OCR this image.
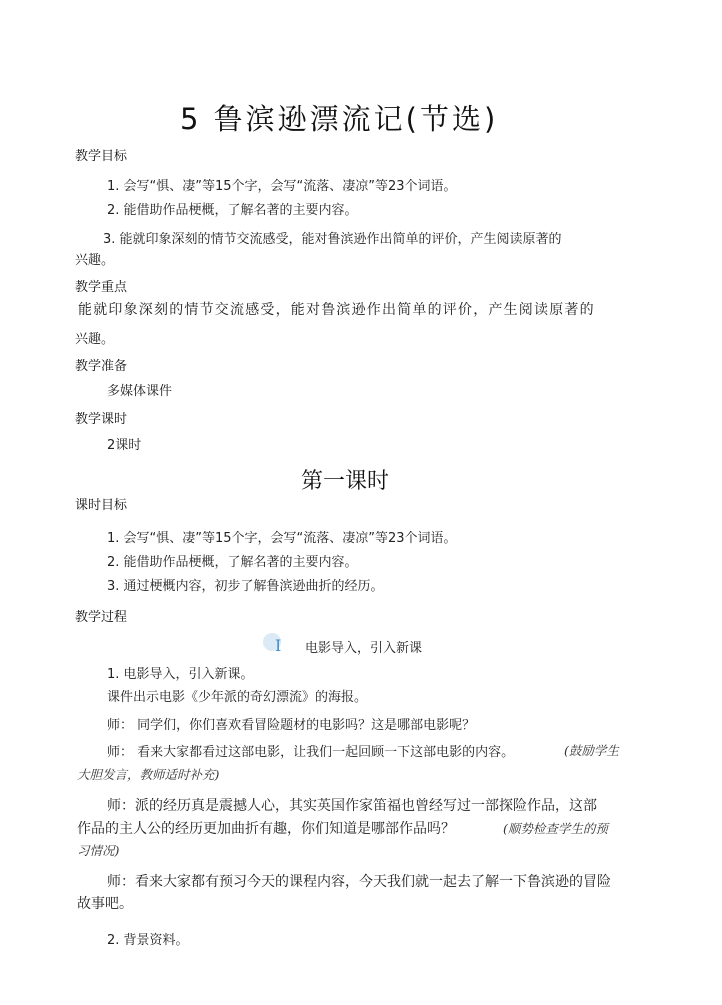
5 鲁滨逊漂流记(节选)
教学目标
1. 会写“惧、凄”等15个字，会写“流落、凄凉”等23个词语。
2. 能借助作品梗概，了解名著的主要内容。
3. 能就印象深刻的情节交流感受，能对鲁滨逊作出简单的评价，产生阅读原著的
兴趣。
教学重点
能就印象深刻的情节交流感受，能对鲁滨逊作出简单的评价，产生阅读原著的
兴趣。
教学准备
多媒体课件
教学课时
2课时
第一课时
课时目标
1. 会写“惧、凄”等15个字，会写“流落、凄凉”等23个词语。
2. 能借助作品梗概，了解名著的主要内容。
3. 通过梗概内容，初步了解鲁滨逊曲折的经历。
教学过程
I 电影导入，引入新课
1. 电影导入，引入新课。
课件出示电影《少年派的奇幻漂流》的海报。
师： 同学们，你们喜欢看冒险题材的电影吗？这是哪部电影呢？
师： 看来大家都看过这部电影，让我们一起回顾一下这部电影的内容。	(鼓励学生
大胆发言，教师适时补充)
师：派的经历真是震撼人心，其实英国作家笛福也曾经写过一部探险作品，这部
作品的主人公的经历更加曲折有趣，你们知道是哪部作品吗？	(顺势检查学生的预
习情况)
师：看来大家都有预习今天的课程内容，今天我们就一起去了解一下鲁滨逊的冒险
故事吧。
2. 背景资料。
